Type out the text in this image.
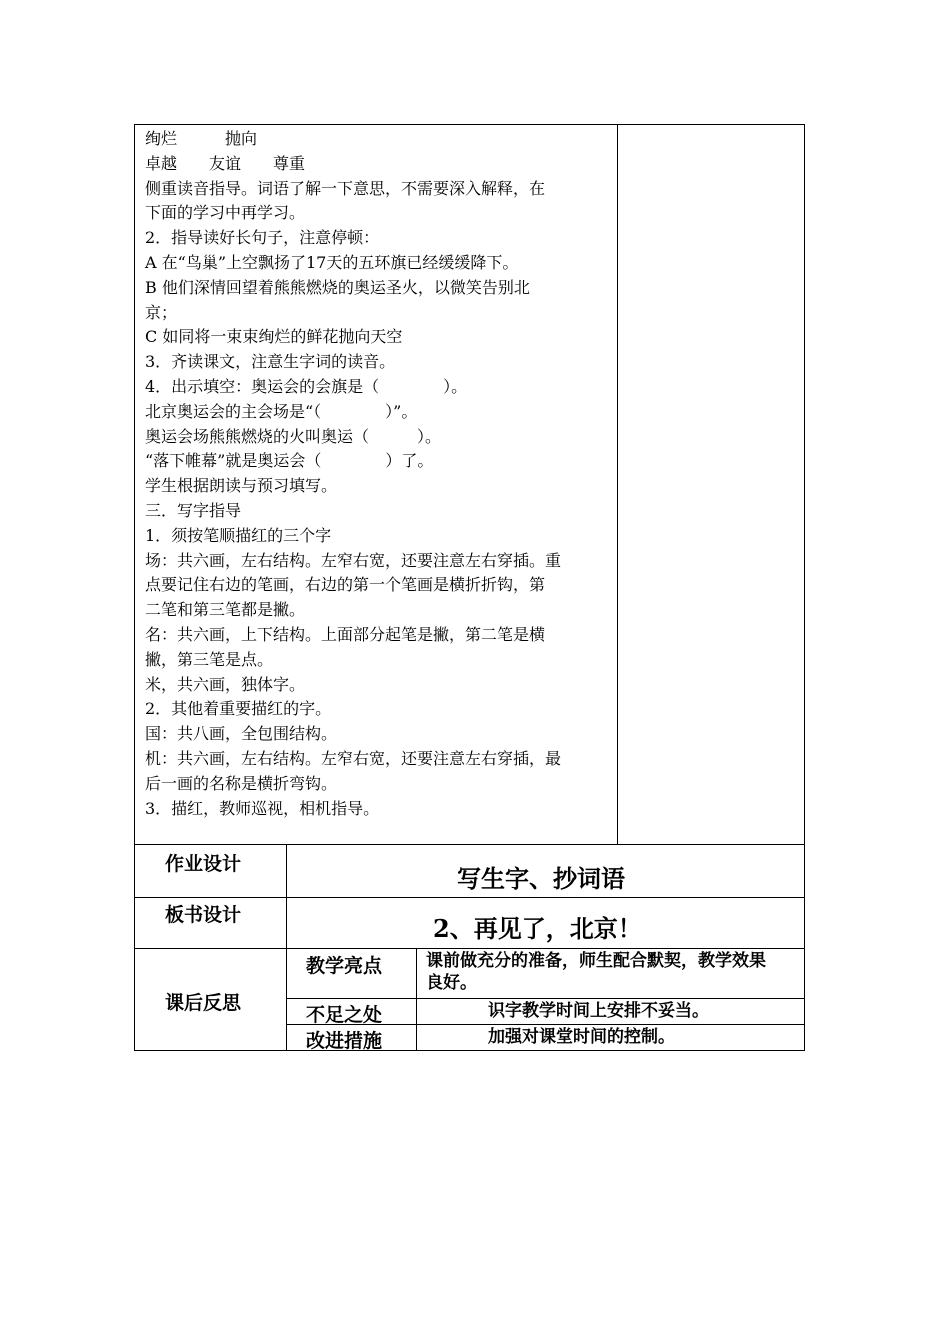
绚烂　　　抛向
卓越　　友谊　　尊重
侧重读音指导。词语了解一下意思，不需要深入解释，在
下面的学习中再学习。
2．指导读好长句子，注意停顿：
A 在“鸟巢”上空飘扬了17天的五环旗已经缓缓降下。
B 他们深情回望着熊熊燃烧的奥运圣火，以微笑告别北
京；
C 如同将一束束绚烂的鲜花抛向天空
3．齐读课文，注意生字词的读音。
4．出示填空：奥运会的会旗是（　　　　）。
北京奥运会的主会场是“（　　　　）”。
奥运会场熊熊燃烧的火叫奥运（　　　）。
“落下帷幕”就是奥运会（　　　　）了。
学生根据朗读与预习填写。
三．写字指导
1．须按笔顺描红的三个字
场：共六画，左右结构。左窄右宽，还要注意左右穿插。重
点要记住右边的笔画，右边的第一个笔画是横折折钩，第
二笔和第三笔都是撇。
名：共六画，上下结构。上面部分起笔是撇，第二笔是横
撇，第三笔是点。
米，共六画，独体字。
2．其他着重要描红的字。
国：共八画，全包围结构。
机：共六画，左右结构。左窄右宽，还要注意左右穿插，最
后一画的名称是横折弯钩。
3．描红，教师巡视，相机指导。
作业设计	写生字、抄词语
板书设计	2、再见了，北京！
课后反思
教学亮点	课前做充分的准备，师生配合默契，教学效果
良好。
不足之处	识字教学时间上安排不妥当。
改进措施	加强对课堂时间的控制。
